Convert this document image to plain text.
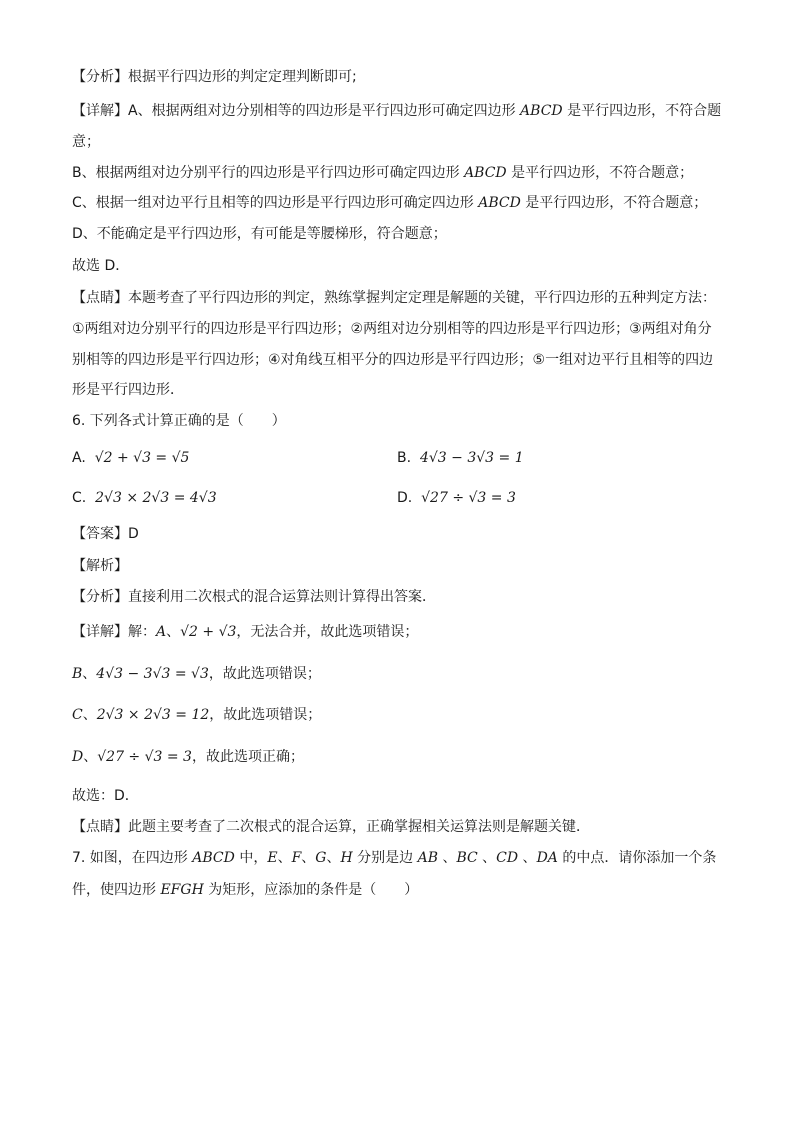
【分析】根据平行四边形的判定定理判断即可;
【详解】A、根据两组对边分别相等的四边形是平行四边形可确定四边形 ABCD 是平行四边形，不符合题
意；
B、根据两组对边分别平行的四边形是平行四边形可确定四边形 ABCD 是平行四边形，不符合题意；
C、根据一组对边平行且相等的四边形是平行四边形可确定四边形 ABCD 是平行四边形，不符合题意；
D、不能确定是平行四边形，有可能是等腰梯形，符合题意；
故选 D．
【点睛】本题考查了平行四边形的判定，熟练掌握判定定理是解题的关键，平行四边形的五种判定方法：
①两组对边分别平行的四边形是平行四边形；②两组对边分别相等的四边形是平行四边形；③两组对角分
别相等的四边形是平行四边形；④对角线互相平分的四边形是平行四边形；⑤一组对边平行且相等的四边
形是平行四边形．
6. 下列各式计算正确的是（　　）
A. √2 + √3 = √5	B. 4√3 − 3√3 = 1
C. 2√3 × 2√3 = 4√3	D. √27 ÷ √3 = 3
【答案】D
【解析】
【分析】直接利用二次根式的混合运算法则计算得出答案．
【详解】解：A、√2 + √3，无法合并，故此选项错误；
B、4√3 − 3√3 = √3，故此选项错误；
C、2√3 × 2√3 = 12，故此选项错误；
D、√27 ÷ √3 = 3，故此选项正确；
故选：D．
【点睛】此题主要考查了二次根式的混合运算，正确掌握相关运算法则是解题关键．
7. 如图，在四边形 ABCD 中，E、F、G、H 分别是边 AB 、BC 、CD 、DA 的中点．请你添加一个条
件，使四边形 EFGH 为矩形，应添加的条件是（　　）
